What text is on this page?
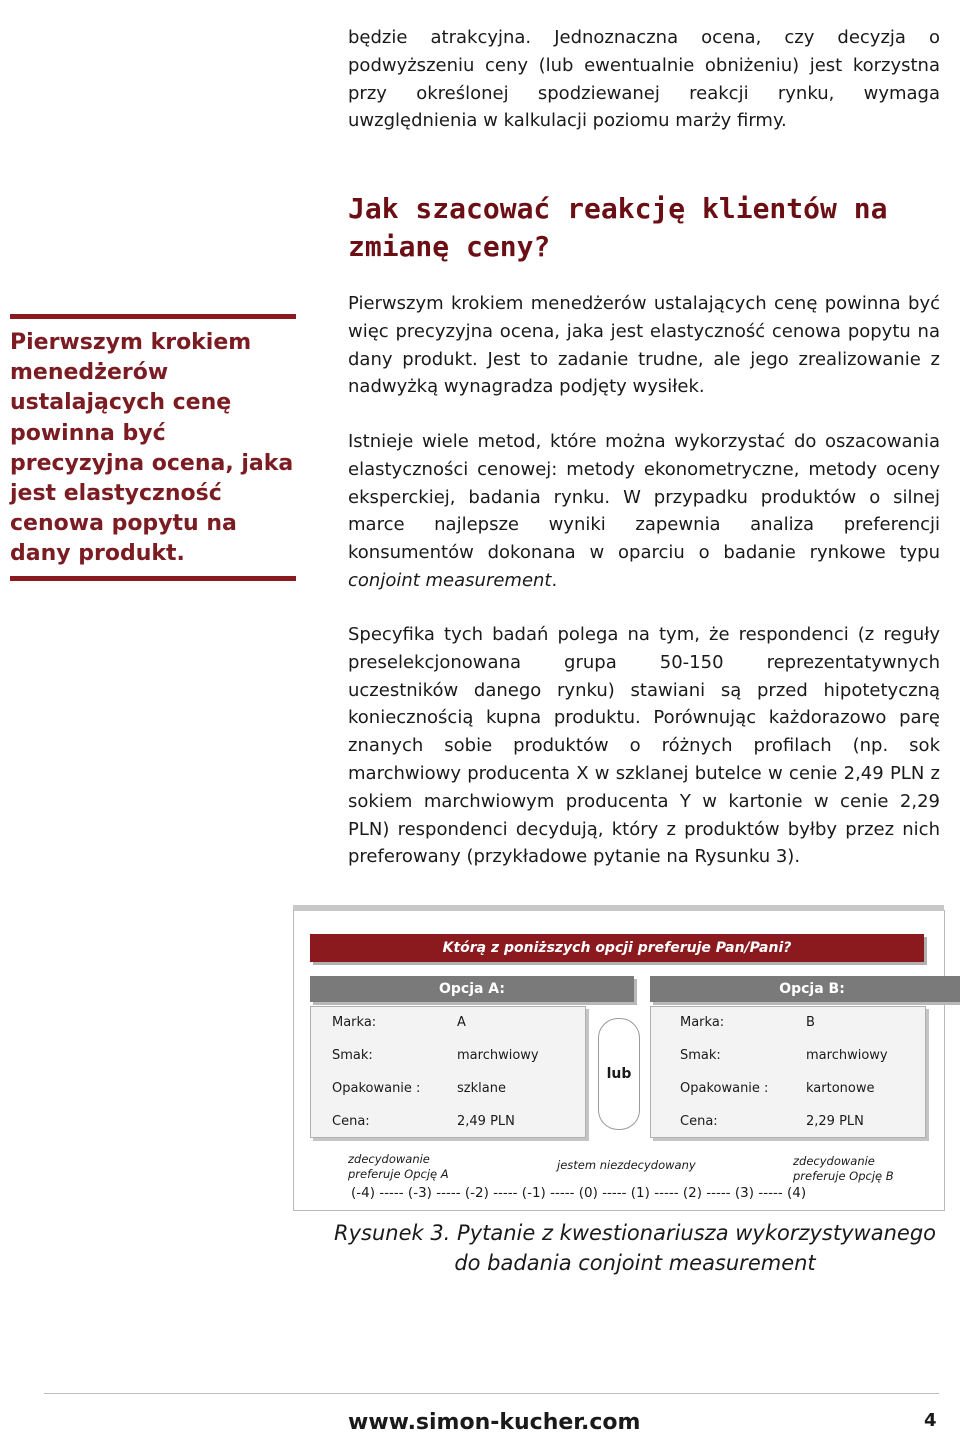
będzie atrakcyjna. Jednoznaczna ocena, czy decyzja o podwyższeniu ceny (lub ewentualnie obniżeniu) jest korzystna przy określonej spodziewanej reakcji rynku, wymaga uwzględnienia w kalkulacji poziomu marży firmy.
Jak szacować reakcję klientów na zmianę ceny?
Pierwszym krokiem menedżerów ustalających cenę powinna być precyzyjna ocena, jaka jest elastyczność cenowa popytu na dany produkt.
Pierwszym krokiem menedżerów ustalających cenę powinna być więc precyzyjna ocena, jaka jest elastyczność cenowa popytu na dany produkt. Jest to zadanie trudne, ale jego zrealizowanie z nadwyżką wynagradza podjęty wysiłek.
Istnieje wiele metod, które można wykorzystać do oszacowania elastyczności cenowej: metody ekonometryczne, metody oceny eksperckiej, badania rynku. W przypadku produktów o silnej marce najlepsze wyniki zapewnia analiza preferencji konsumentów dokonana w oparciu o badanie rynkowe typu conjoint measurement.
Specyfika tych badań polega na tym, że respondenci (z reguły preselekcjonowana grupa 50-150 reprezentatywnych uczestników danego rynku) stawiani są przed hipotetyczną koniecznością kupna produktu. Porównując każdorazowo parę znanych sobie produktów o różnych profilach (np. sok marchwiowy producenta X w szklanej butelce w cenie 2,49 PLN z sokiem marchwiowym producenta Y w kartonie w cenie 2,29 PLN) respondenci decydują, który z produktów byłby przez nich preferowany (przykładowe pytanie na Rysunku 3).
Którą z poniższych opcji preferuje Pan/Pani?
Opcja A:	Opcja B:
Marka:	A
Smak:	marchwiowy
Opakowanie :	szklane
Cena:	2,49 PLN
lub
Marka:	B
Smak:	marchwiowy
Opakowanie :	kartonowe
Cena:	2,29 PLN
zdecydowanie
preferuje Opcję A
jestem niezdecydowany	zdecydowanie
preferuje Opcję B
(-4) ----- (-3) ----- (-2) ----- (-1) ----- (0) ----- (1) ----- (2) ----- (3) ----- (4)
Rysunek 3. Pytanie z kwestionariusza wykorzystywanego
do badania conjoint measurement
www.simon-kucher.com	4
